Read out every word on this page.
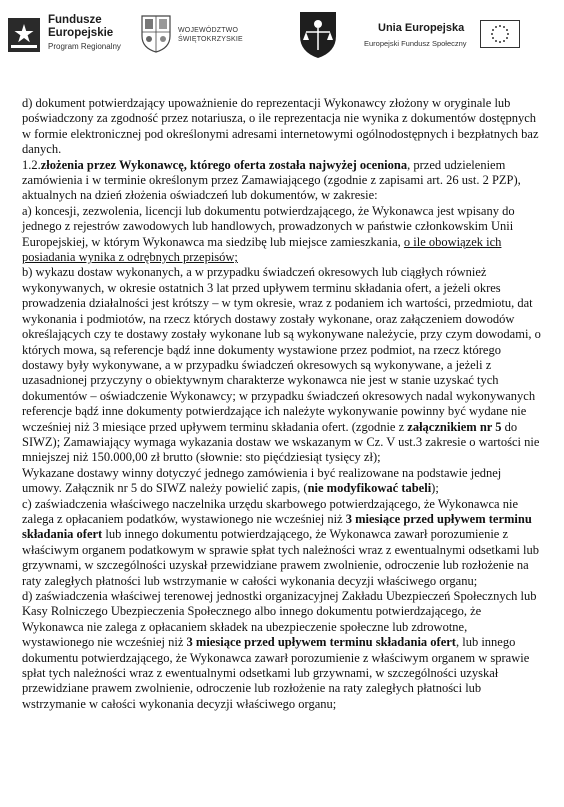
Fundusze
Europejskie
Program Regionalny
WOJEWÓDZTWO
ŚWIĘTOKRZYSKIE
Unia Europejska
Europejski Fundusz Społeczny

d) dokument potwierdzający upoważnienie do reprezentacji Wykonawcy złożony w oryginale lub poświadczony za zgodność przez notariusza, o ile reprezentacja nie wynika z dokumentów dostępnych w formie elektronicznej pod określonymi adresami internetowymi ogólnodostępnych i bezpłatnych baz danych.

1.2.złożenia przez Wykonawcę, którego oferta została najwyżej oceniona, przed udzieleniem zamówienia i w terminie określonym przez Zamawiającego (zgodnie z zapisami art. 26 ust. 2 PZP), aktualnych na dzień złożenia oświadczeń lub dokumentów, w zakresie:

a) koncesji, zezwolenia, licencji lub dokumentu potwierdzającego, że Wykonawca jest wpisany do jednego z rejestrów zawodowych lub handlowych, prowadzonych w państwie członkowskim Unii Europejskiej, w którym Wykonawca ma siedzibę lub miejsce zamieszkania, o ile obowiązek ich posiadania wynika z odrębnych przepisów;

b) wykazu dostaw wykonanych, a w przypadku świadczeń okresowych lub ciągłych również wykonywanych, w okresie ostatnich 3 lat przed upływem terminu składania ofert, a jeżeli okres prowadzenia działalności jest krótszy – w tym okresie, wraz z podaniem ich wartości, przedmiotu, dat wykonania i podmiotów, na rzecz których dostawy zostały wykonane, oraz załączeniem dowodów określających czy te dostawy zostały wykonane lub są wykonywane należycie, przy czym dowodami, o których mowa, są referencje bądź inne dokumenty wystawione przez podmiot, na rzecz którego dostawy były wykonywane, a w przypadku świadczeń okresowych są wykonywane, a jeżeli z uzasadnionej przyczyny o obiektywnym charakterze wykonawca nie jest w stanie uzyskać tych dokumentów – oświadczenie Wykonawcy; w przypadku świadczeń okresowych nadal wykonywanych referencje bądź inne dokumenty potwierdzające ich należyte wykonywanie powinny być wydane nie wcześniej niż 3 miesiące przed upływem terminu składania ofert. (zgodnie z załącznikiem nr 5 do SIWZ); Zamawiający wymaga wykazania dostaw we wskazanym w Cz. V ust.3 zakresie o wartości nie mniejszej niż 150.000,00 zł brutto (słownie: sto pięćdziesiąt tysięcy zł);

Wykazane dostawy winny dotyczyć jednego zamówienia i być realizowane na podstawie jednej umowy. Załącznik nr 5 do SIWZ należy powielić zapis, (nie modyfikować tabeli);

c) zaświadczenia właściwego naczelnika urzędu skarbowego potwierdzającego, że Wykonawca nie zalega z opłacaniem podatków, wystawionego nie wcześniej niż 3 miesiące przed upływem terminu składania ofert lub innego dokumentu potwierdzającego, że Wykonawca zawarł porozumienie z właściwym organem podatkowym w sprawie spłat tych należności wraz z ewentualnymi odsetkami lub grzywnami, w szczególności uzyskał przewidziane prawem zwolnienie, odroczenie lub rozłożenie na raty zaległych płatności lub wstrzymanie w całości wykonania decyzji właściwego organu;

d) zaświadczenia właściwej terenowej jednostki organizacyjnej Zakładu Ubezpieczeń Społecznych lub Kasy Rolniczego Ubezpieczenia Społecznego albo innego dokumentu potwierdzającego, że Wykonawca nie zalega z opłacaniem składek na ubezpieczenie społeczne lub zdrowotne, wystawionego nie wcześniej niż 3 miesiące przed upływem terminu składania ofert, lub innego dokumentu potwierdzającego, że Wykonawca zawarł porozumienie z właściwym organem w sprawie spłat tych należności wraz z ewentualnymi odsetkami lub grzywnami, w szczególności uzyskał przewidziane prawem zwolnienie, odroczenie lub rozłożenie na raty zaległych płatności lub wstrzymanie w całości wykonania decyzji właściwego organu;
